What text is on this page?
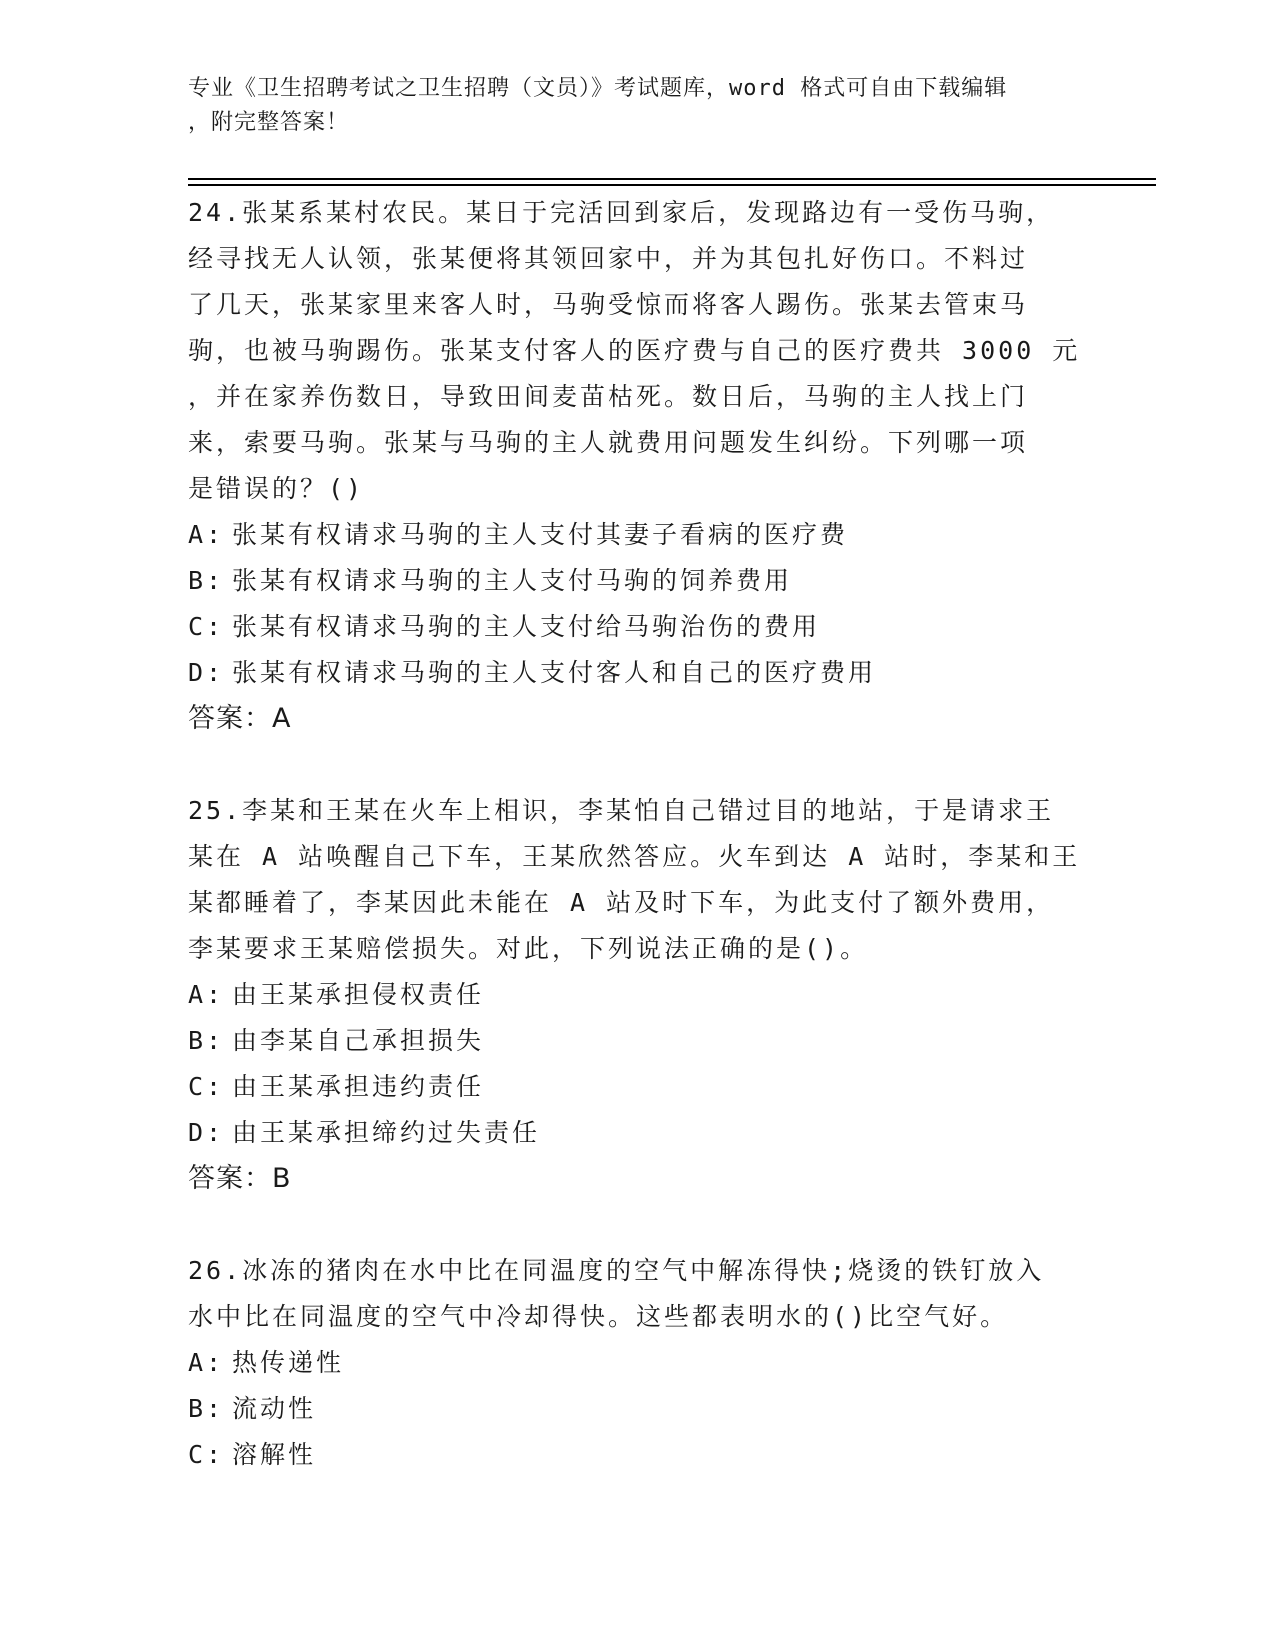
专业《卫生招聘考试之卫生招聘（文员）》考试题库，word 格式可自由下载编辑
，附完整答案！

24.张某系某村农民。某日于完活回到家后，发现路边有一受伤马驹，
经寻找无人认领，张某便将其领回家中，并为其包扎好伤口。不料过
了几天，张某家里来客人时，马驹受惊而将客人踢伤。张某去管束马
驹，也被马驹踢伤。张某支付客人的医疗费与自己的医疗费共 3000 元
，并在家养伤数日，导致田间麦苗枯死。数日后，马驹的主人找上门
来，索要马驹。张某与马驹的主人就费用问题发生纠纷。下列哪一项
是错误的？()

A: 张某有权请求马驹的主人支付其妻子看病的医疗费

B: 张某有权请求马驹的主人支付马驹的饲养费用

C: 张某有权请求马驹的主人支付给马驹治伤的费用

D: 张某有权请求马驹的主人支付客人和自己的医疗费用

答案：A

25.李某和王某在火车上相识，李某怕自己错过目的地站，于是请求王
某在 A 站唤醒自己下车，王某欣然答应。火车到达 A 站时，李某和王
某都睡着了，李某因此未能在 A 站及时下车，为此支付了额外费用，
李某要求王某赔偿损失。对此，下列说法正确的是()。

A: 由王某承担侵权责任

B: 由李某自己承担损失

C: 由王某承担违约责任

D: 由王某承担缔约过失责任

答案：B

26.冰冻的猪肉在水中比在同温度的空气中解冻得快;烧烫的铁钉放入
水中比在同温度的空气中冷却得快。这些都表明水的()比空气好。

A: 热传递性

B: 流动性

C: 溶解性
